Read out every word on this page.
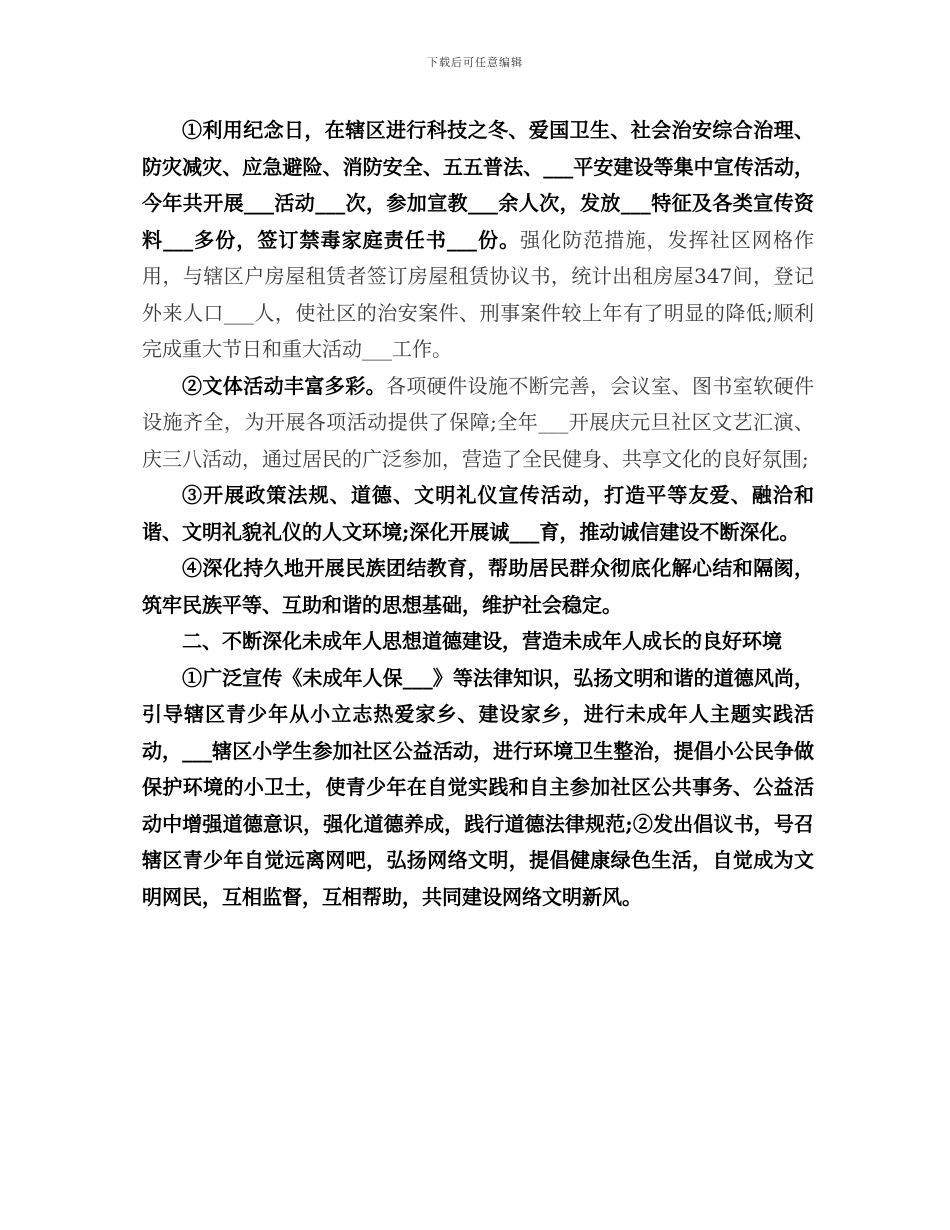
下载后可任意编辑

①利用纪念日，在辖区进行科技之冬、爱国卫生、社会治安综合治理、防灾减灾、应急避险、消防安全、五五普法、___平安建设等集中宣传活动，今年共开展___活动___次，参加宣教___余人次，发放___特征及各类宣传资料___多份，签订禁毒家庭责任书___份。强化防范措施，发挥社区网格作用，与辖区户房屋租赁者签订房屋租赁协议书，统计出租房屋347间，登记外来人口___人，使社区的治安案件、刑事案件较上年有了明显的降低;顺利完成重大节日和重大活动___工作。

②文体活动丰富多彩。各项硬件设施不断完善，会议室、图书室软硬件设施齐全，为开展各项活动提供了保障;全年___开展庆元旦社区文艺汇演、庆三八活动，通过居民的广泛参加，营造了全民健身、共享文化的良好氛围;

③开展政策法规、道德、文明礼仪宣传活动，打造平等友爱、融洽和谐、文明礼貌礼仪的人文环境;深化开展诚___育，推动诚信建设不断深化。

④深化持久地开展民族团结教育，帮助居民群众彻底化解心结和隔阂，筑牢民族平等、互助和谐的思想基础，维护社会稳定。

二、不断深化未成年人思想道德建设，营造未成年人成长的良好环境

①广泛宣传《未成年人保___》等法律知识，弘扬文明和谐的道德风尚，引导辖区青少年从小立志热爱家乡、建设家乡，进行未成年人主题实践活动，___辖区小学生参加社区公益活动，进行环境卫生整治，提倡小公民争做保护环境的小卫士，使青少年在自觉实践和自主参加社区公共事务、公益活动中增强道德意识，强化道德养成，践行道德法律规范;②发出倡议书，号召辖区青少年自觉远离网吧，弘扬网络文明，提倡健康绿色生活，自觉成为文明网民，互相监督，互相帮助，共同建设网络文明新风。
